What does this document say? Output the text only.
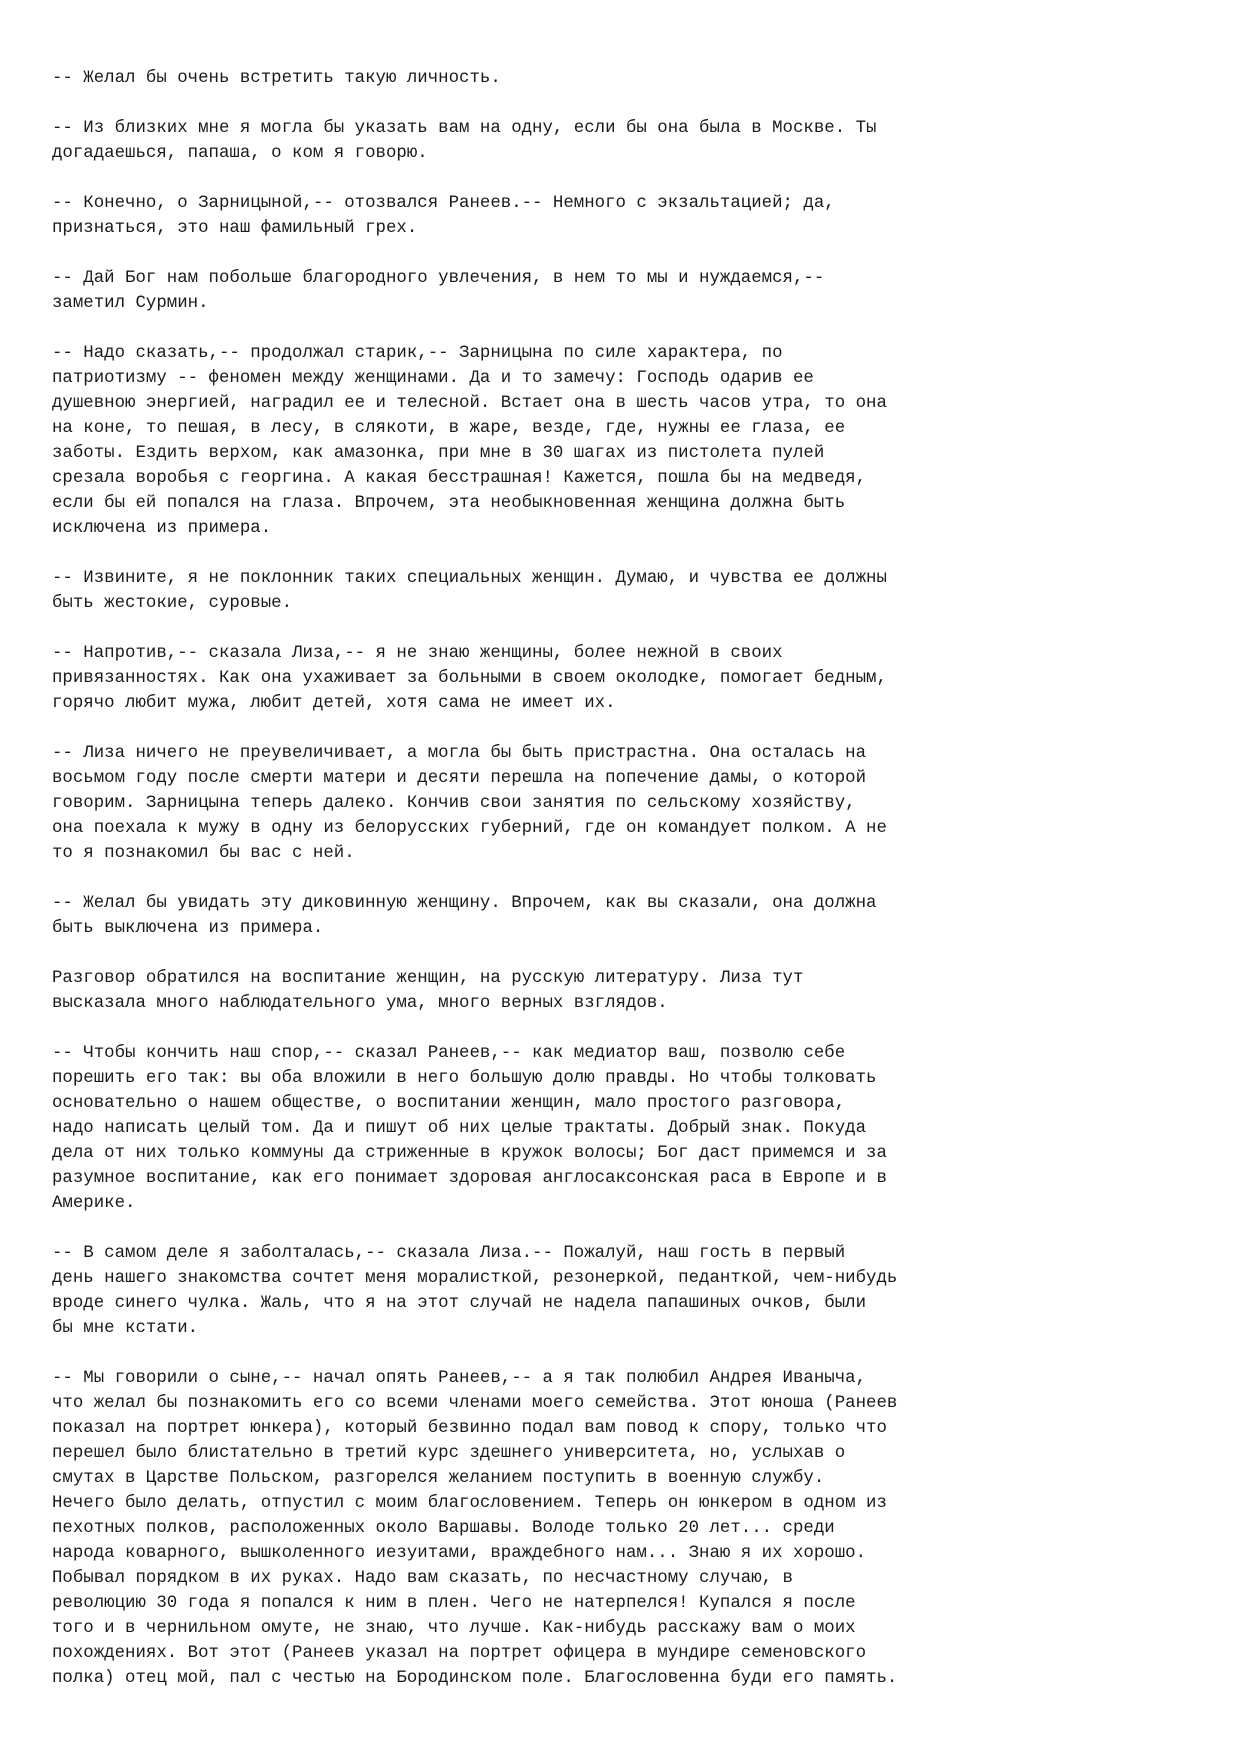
-- Желал бы очень встретить такую личность.

-- Из близких мне я могла бы указать вам на одну, если бы она была в Москве. Ты
догадаешься, папаша, о ком я говорю.

-- Конечно, о Зарницыной,-- отозвался Ранеев.-- Немного с экзальтацией; да,
признаться, это наш фамильный грех.

-- Дай Бог нам побольше благородного увлечения, в нем то мы и нуждаемся,--
заметил Сурмин.

-- Надо сказать,-- продолжал старик,-- Зарницына по силе характера, по
патриотизму -- феномен между женщинами. Да и то замечу: Господь одарив ее
душевною энергией, наградил ее и телесной. Встает она в шесть часов утра, то она
на коне, то пешая, в лесу, в слякоти, в жаре, везде, где, нужны ее глаза, ее
заботы. Ездить верхом, как амазонка, при мне в 30 шагах из пистолета пулей
срезала воробья с георгина. А какая бесстрашная! Кажется, пошла бы на медведя,
если бы ей попался на глаза. Впрочем, эта необыкновенная женщина должна быть
исключена из примера.

-- Извините, я не поклонник таких специальных женщин. Думаю, и чувства ее должны
быть жестокие, суровые.

-- Напротив,-- сказала Лиза,-- я не знаю женщины, более нежной в своих
привязанностях. Как она ухаживает за больными в своем околодке, помогает бедным,
горячо любит мужа, любит детей, хотя сама не имеет их.

-- Лиза ничего не преувеличивает, а могла бы быть пристрастна. Она осталась на
восьмом году после смерти матери и десяти перешла на попечение дамы, о которой
говорим. Зарницына теперь далеко. Кончив свои занятия по сельскому хозяйству,
она поехала к мужу в одну из белорусских губерний, где он командует полком. А не
то я познакомил бы вас с ней.

-- Желал бы увидать эту диковинную женщину. Впрочем, как вы сказали, она должна
быть выключена из примера.

Разговор обратился на воспитание женщин, на русскую литературу. Лиза тут
высказала много наблюдательного ума, много верных взглядов.

-- Чтобы кончить наш спор,-- сказал Ранеев,-- как медиатор ваш, позволю себе
порешить его так: вы оба вложили в него большую долю правды. Но чтобы толковать
основательно о нашем обществе, о воспитании женщин, мало простого разговора,
надо написать целый том. Да и пишут об них целые трактаты. Добрый знак. Покуда
дела от них только коммуны да стриженные в кружок волосы; Бог даст примемся и за
разумное воспитание, как его понимает здоровая англосаксонская раса в Европе и в
Америке.

-- В самом деле я заболталась,-- сказала Лиза.-- Пожалуй, наш гость в первый
день нашего знакомства сочтет меня моралисткой, резонеркой, педанткой, чем-нибудь
вроде синего чулка. Жаль, что я на этот случай не надела папашиных очков, были
бы мне кстати.

-- Мы говорили о сыне,-- начал опять Ранеев,-- а я так полюбил Андрея Иваныча,
что желал бы познакомить его со всеми членами моего семейства. Этот юноша (Ранеев
показал на портрет юнкера), который безвинно подал вам повод к спору, только что
перешел было блистательно в третий курс здешнего университета, но, услыхав о
смутах в Царстве Польском, разгорелся желанием поступить в военную службу.
Нечего было делать, отпустил с моим благословением. Теперь он юнкером в одном из
пехотных полков, расположенных около Варшавы. Володе только 20 лет... среди
народа коварного, вышколенного иезуитами, враждебного нам... Знаю я их хорошо.
Побывал порядком в их руках. Надо вам сказать, по несчастному случаю, в
революцию 30 года я попался к ним в плен. Чего не натерпелся! Купался я после
того и в чернильном омуте, не знаю, что лучше. Как-нибудь расскажу вам о моих
похождениях. Вот этот (Ранеев указал на портрет офицера в мундире семеновского
полка) отец мой, пал с честью на Бородинском поле. Благословенна буди его память.
